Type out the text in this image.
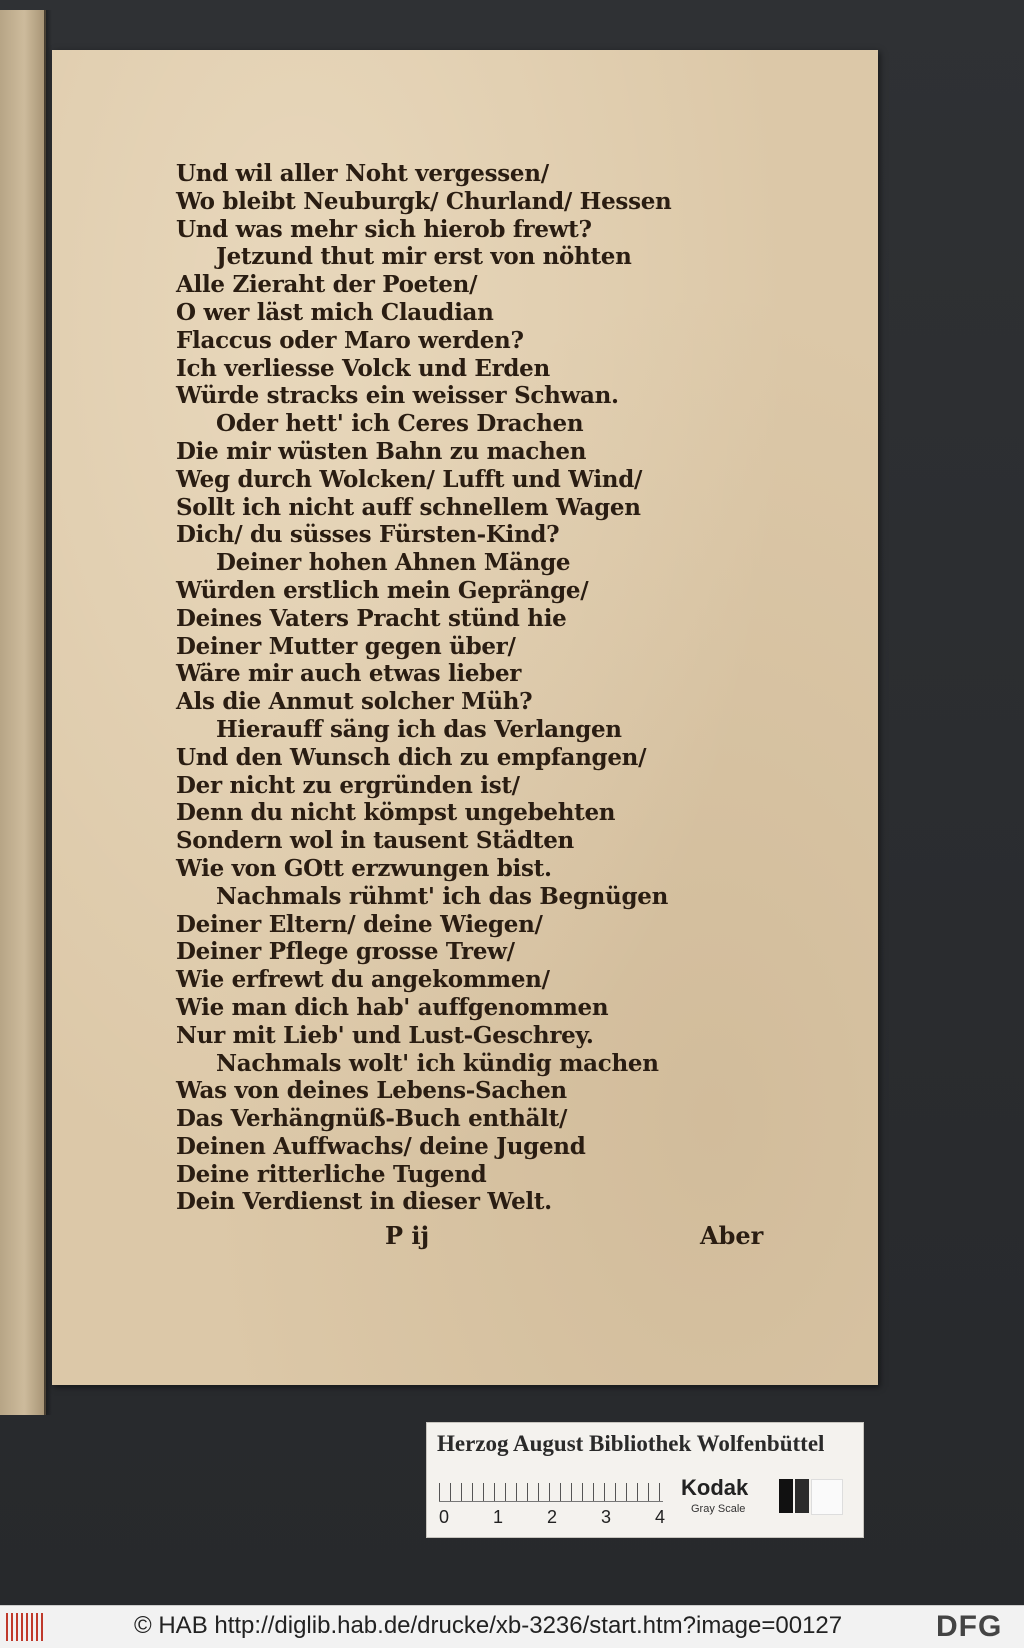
Und wil aller Noht vergessen/
Wo bleibt Neuburgk/ Churland/ Hessen
Und was mehr sich hierob frewt?
Jetzund thut mir erst von nöhten
Alle Zieraht der Poeten/
O wer läst mich Claudian
Flaccus oder Maro werden?
Ich verliesse Volck und Erden
Würde stracks ein weisser Schwan.
Oder hett' ich Ceres Drachen
Die mir wüsten Bahn zu machen
Weg durch Wolcken/ Lufft und Wind/
Sollt ich nicht auff schnellem Wagen
Dich/ du süsses Fürsten-Kind?
Deiner hohen Ahnen Mänge
Würden erstlich mein Gepränge/
Deines Vaters Pracht stünd hie
Deiner Mutter gegen über/
Wäre mir auch etwas lieber
Als die Anmut solcher Müh?
Hierauff säng ich das Verlangen
Und den Wunsch dich zu empfangen/
Der nicht zu ergründen ist/
Denn du nicht kömpst ungebehten
Sondern wol in tausent Städten
Wie von GOtt erzwungen bist.
Nachmals rühmt' ich das Begnügen
Deiner Eltern/ deine Wiegen/
Deiner Pflege grosse Trew/
Wie erfrewt du angekommen/
Wie man dich hab' auffgenommen
Nur mit Lieb' und Lust-Geschrey.
Nachmals wolt' ich kündig machen
Was von deines Lebens-Sachen
Das Verhängnüß-Buch enthält/
Deinen Auffwachs/ deine Jugend
Deine ritterliche Tugend
Dein Verdienst in dieser Welt.
P ij	Aber
Herzog August Bibliothek Wolfenbüttel
0 1 2 3 4
Kodak
Gray Scale
© HAB http://diglib.hab.de/drucke/xb-3236/start.htm?image=00127	DFG
